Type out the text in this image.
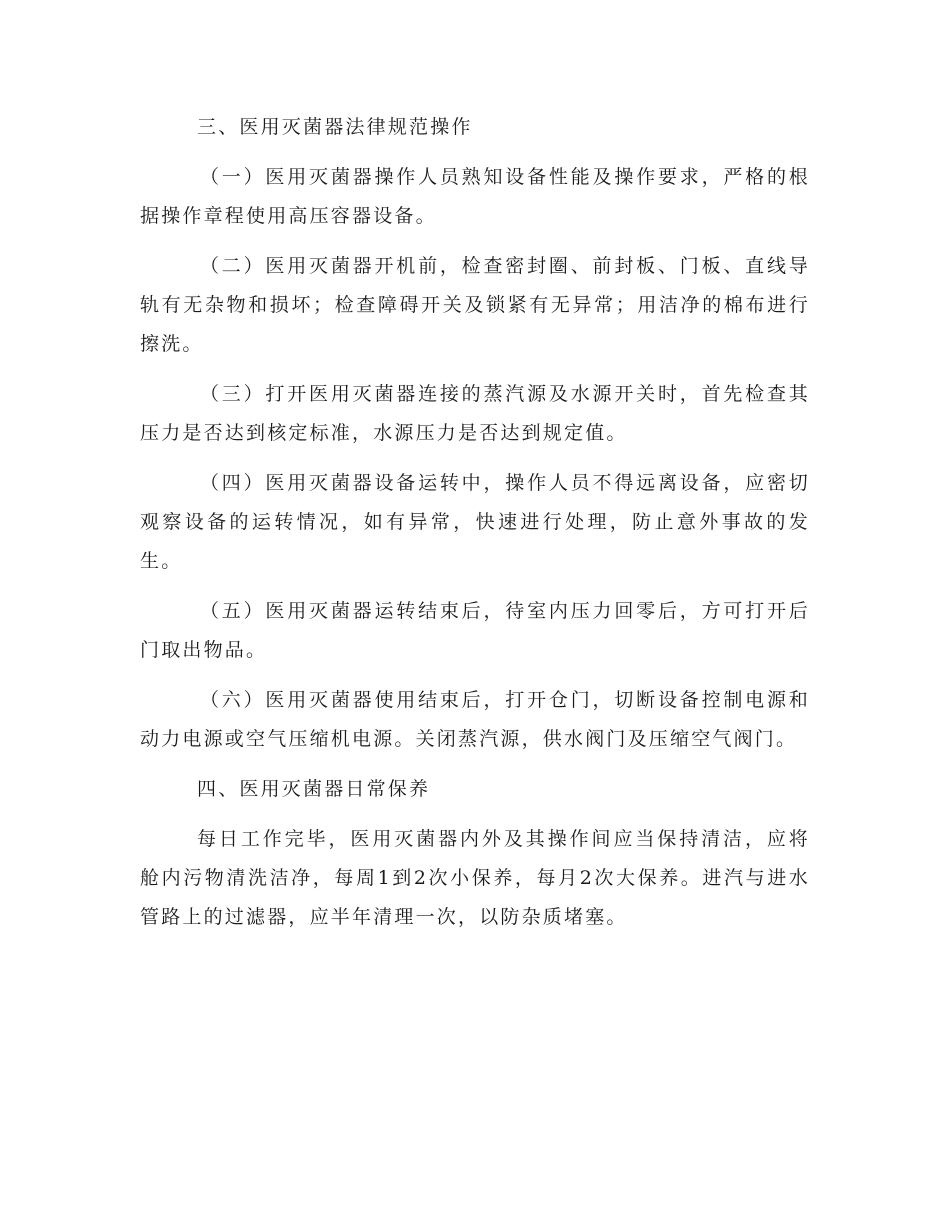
三、医用灭菌器法律规范操作

（一）医用灭菌器操作人员熟知设备性能及操作要求，严格的根据操作章程使用高压容器设备。

（二）医用灭菌器开机前，检查密封圈、前封板、门板、直线导轨有无杂物和损坏；检查障碍开关及锁紧有无异常；用洁净的棉布进行擦洗。

（三）打开医用灭菌器连接的蒸汽源及水源开关时，首先检查其压力是否达到核定标准，水源压力是否达到规定值。

（四）医用灭菌器设备运转中，操作人员不得远离设备，应密切观察设备的运转情况，如有异常，快速进行处理，防止意外事故的发生。

（五）医用灭菌器运转结束后，待室内压力回零后，方可打开后门取出物品。

（六）医用灭菌器使用结束后，打开仓门，切断设备控制电源和动力电源或空气压缩机电源。关闭蒸汽源，供水阀门及压缩空气阀门。

四、医用灭菌器日常保养

每日工作完毕，医用灭菌器内外及其操作间应当保持清洁，应将舱内污物清洗洁净，每周1到2次小保养，每月2次大保养。进汽与进水管路上的过滤器，应半年清理一次，以防杂质堵塞。
